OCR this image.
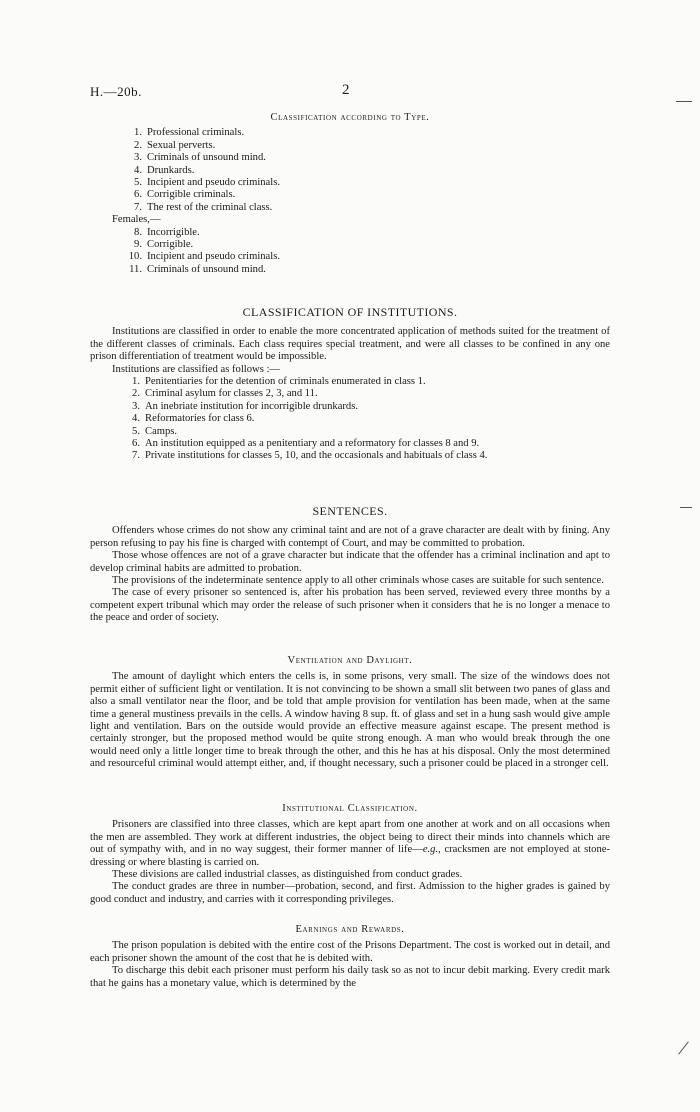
H.—20b.	2
Classification according to Type.
1. Professional criminals.
2. Sexual perverts.
3. Criminals of unsound mind.
4. Drunkards.
5. Incipient and pseudo criminals.
6. Corrigible criminals.
7. The rest of the criminal class.
Females,—
8. Incorrigible.
9. Corrigible.
10. Incipient and pseudo criminals.
11. Criminals of unsound mind.
CLASSIFICATION OF INSTITUTIONS.

Institutions are classified in order to enable the more concentrated application of methods suited for the treatment of the different classes of criminals. Each class requires special treatment, and were all classes to be confined in any one prison differentiation of treatment would be impossible.

Institutions are classified as follows :—

1. Penitentiaries for the detention of criminals enumerated in class 1.
2. Criminal asylum for classes 2, 3, and 11.
3. An inebriate institution for incorrigible drunkards.
4. Reformatories for class 6.
5. Camps.
6. An institution equipped as a penitentiary and a reformatory for classes 8 and 9.
7. Private institutions for classes 5, 10, and the occasionals and habituals of class 4.
SENTENCES.

Offenders whose crimes do not show any criminal taint and are not of a grave character are dealt with by fining. Any person refusing to pay his fine is charged with contempt of Court, and may be committed to probation.

Those whose offences are not of a grave character but indicate that the offender has a criminal inclination and apt to develop criminal habits are admitted to probation.

The provisions of the indeterminate sentence apply to all other criminals whose cases are suitable for such sentence.

The case of every prisoner so sentenced is, after his probation has been served, reviewed every three months by a competent expert tribunal which may order the release of such prisoner when it considers that he is no longer a menace to the peace and order of society.

Ventilation and Daylight.

The amount of daylight which enters the cells is, in some prisons, very small. The size of the windows does not permit either of sufficient light or ventilation. It is not convincing to be shown a small slit between two panes of glass and also a small ventilator near the floor, and be told that ample provision for ventilation has been made, when at the same time a general mustiness prevails in the cells. A window having 8 sup. ft. of glass and set in a hung sash would give ample light and ventilation. Bars on the outside would provide an effective measure against escape. The present method is certainly stronger, but the proposed method would be quite strong enough. A man who would break through the one would need only a little longer time to break through the other, and this he has at his disposal. Only the most determined and resourceful criminal would attempt either, and, if thought necessary, such a prisoner could be placed in a stronger cell.

Institutional Classification.

Prisoners are classified into three classes, which are kept apart from one another at work and on all occasions when the men are assembled. They work at different industries, the object being to direct their minds into channels which are out of sympathy with, and in no way suggest, their former manner of life—e.g., cracksmen are not employed at stone-dressing or where blasting is carried on.

These divisions are called industrial classes, as distinguished from conduct grades.

The conduct grades are three in number—probation, second, and first. Admission to the higher grades is gained by good conduct and industry, and carries with it corresponding privileges.

Earnings and Rewards.

The prison population is debited with the entire cost of the Prisons Department. The cost is worked out in detail, and each prisoner shown the amount of the cost that he is debited with.

To discharge this debit each prisoner must perform his daily task so as not to incur debit marking. Every credit mark that he gains has a monetary value, which is determined by the
